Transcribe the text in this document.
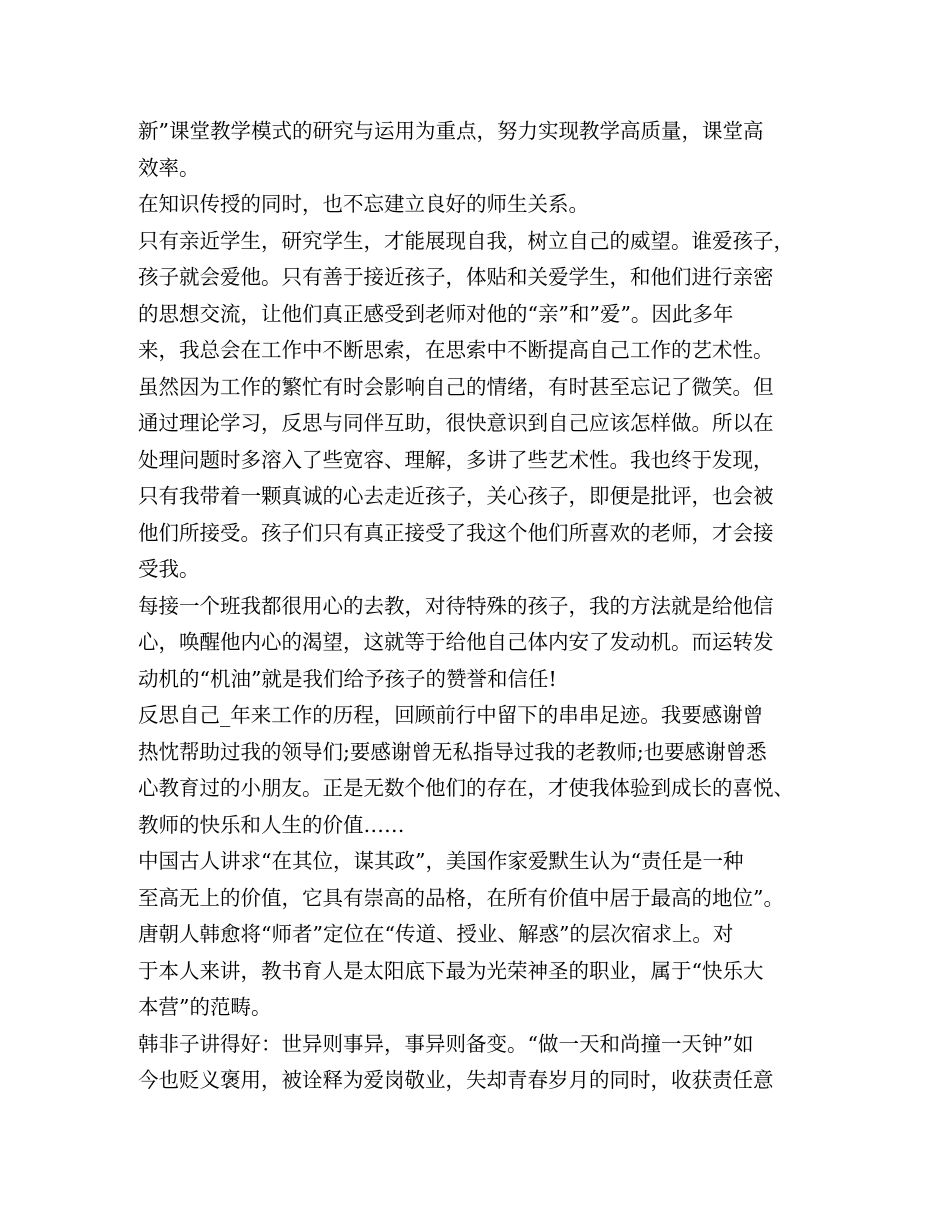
新”课堂教学模式的研究与运用为重点，努力实现教学高质量，课堂高
效率。
在知识传授的同时，也不忘建立良好的师生关系。
只有亲近学生，研究学生，才能展现自我，树立自己的威望。谁爱孩子，
孩子就会爱他。只有善于接近孩子，体贴和关爱学生，和他们进行亲密
的思想交流，让他们真正感受到老师对他的“亲”和”爱”。因此多年
来，我总会在工作中不断思索，在思索中不断提高自己工作的艺术性。
虽然因为工作的繁忙有时会影响自己的情绪，有时甚至忘记了微笑。但
通过理论学习，反思与同伴互助，很快意识到自己应该怎样做。所以在
处理问题时多溶入了些宽容、理解，多讲了些艺术性。我也终于发现，
只有我带着一颗真诚的心去走近孩子，关心孩子，即便是批评，也会被
他们所接受。孩子们只有真正接受了我这个他们所喜欢的老师，才会接
受我。
每接一个班我都很用心的去教，对待特殊的孩子，我的方法就是给他信
心，唤醒他内心的渴望，这就等于给他自己体内安了发动机。而运转发
动机的“机油”就是我们给予孩子的赞誉和信任!
反思自己_年来工作的历程，回顾前行中留下的串串足迹。我要感谢曾
热忱帮助过我的领导们;要感谢曾无私指导过我的老教师;也要感谢曾悉
心教育过的小朋友。正是无数个他们的存在，才使我体验到成长的喜悦、
教师的快乐和人生的价值……
中国古人讲求“在其位，谋其政”，美国作家爱默生认为“责任是一种
至高无上的价值，它具有崇高的品格，在所有价值中居于最高的地位”。
唐朝人韩愈将“师者”定位在“传道、授业、解惑”的层次宿求上。对
于本人来讲，教书育人是太阳底下最为光荣神圣的职业，属于“快乐大
本营”的范畴。
韩非子讲得好：世异则事异，事异则备变。“做一天和尚撞一天钟”如
今也贬义褒用，被诠释为爱岗敬业，失却青春岁月的同时，收获责任意
